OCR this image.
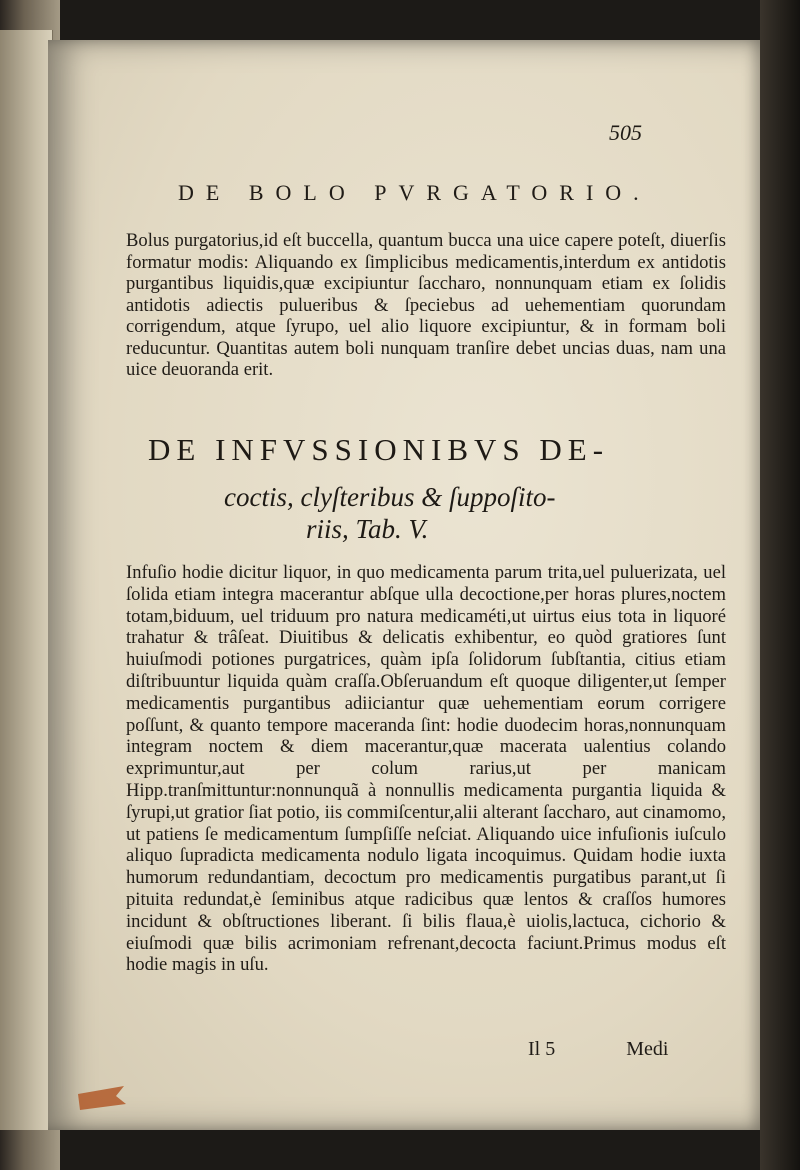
505
DE BOLO PVRGATORIO.

Bolus purgatorius,id eſt buccella, quantum bucca una uice capere poteſt, diuerſis formatur modis: Aliquando ex ſimplicibus medicamentis,interdum ex antidotis purgantibus liquidis,quæ excipiuntur ſaccharo, nonnunquam etiam ex ſolidis antidotis adiectis pulueribus & ſpeciebus ad uehementiam quorundam corrigendum, atque ſyrupo, uel alio liquore excipiuntur, & in formam boli reducuntur. Quantitas autem boli nunquam tranſire debet uncias duas, nam una uice deuoranda erit.

DE INFVSSIONIBVS DE-
coctis, clyſteribus & ſuppoſito-
riis, Tab. V.

Infuſio hodie dicitur liquor, in quo medicamenta parum trita,uel puluerizata, uel ſolida etiam integra macerantur abſque ulla decoctione,per horas plures,noctem totam,biduum, uel triduum pro natura medicaméti,ut uirtus eius tota in liquoré trahatur & trâſeat. Diuitibus & delicatis exhibentur, eo quòd gratiores ſunt huiuſmodi potiones purgatrices, quàm ipſa ſolidorum ſubſtantia, citius etiam diſtribuuntur liquida quàm craſſa.Obſeruandum eſt quoque diligenter,ut ſemper medicamentis purgantibus adiiciantur quæ uehementiam eorum corrigere poſſunt, & quanto tempore maceranda ſint: hodie duodecim horas,nonnunquam integram noctem & diem macerantur,quæ macerata ualentius colando exprimuntur,aut per colum rarius,ut per manicam Hipp.tranſmittuntur:nonnunquã à nonnullis medicamenta purgantia liquida & ſyrupi,ut gratior ſiat potio, iis commiſcentur,alii alterant ſaccharo, aut cinamomo, ut patiens ſe medicamentum ſumpſiſſe neſciat. Aliquando uice infuſionis iuſculo aliquo ſupradicta medicamenta nodulo ligata incoquimus. Quidam hodie iuxta humorum redundantiam, decoctum pro medicamentis purgatibus parant,ut ſi pituita redundat,è ſeminibus atque radicibus quæ lentos & craſſos humores incidunt & obſtructiones liberant. ſi bilis flaua,è uiolis,lactuca, cichorio & eiuſmodi quæ bilis acrimoniam refrenant,decocta faciunt.Primus modus eſt hodie magis in uſu.

Il 5	Medi
